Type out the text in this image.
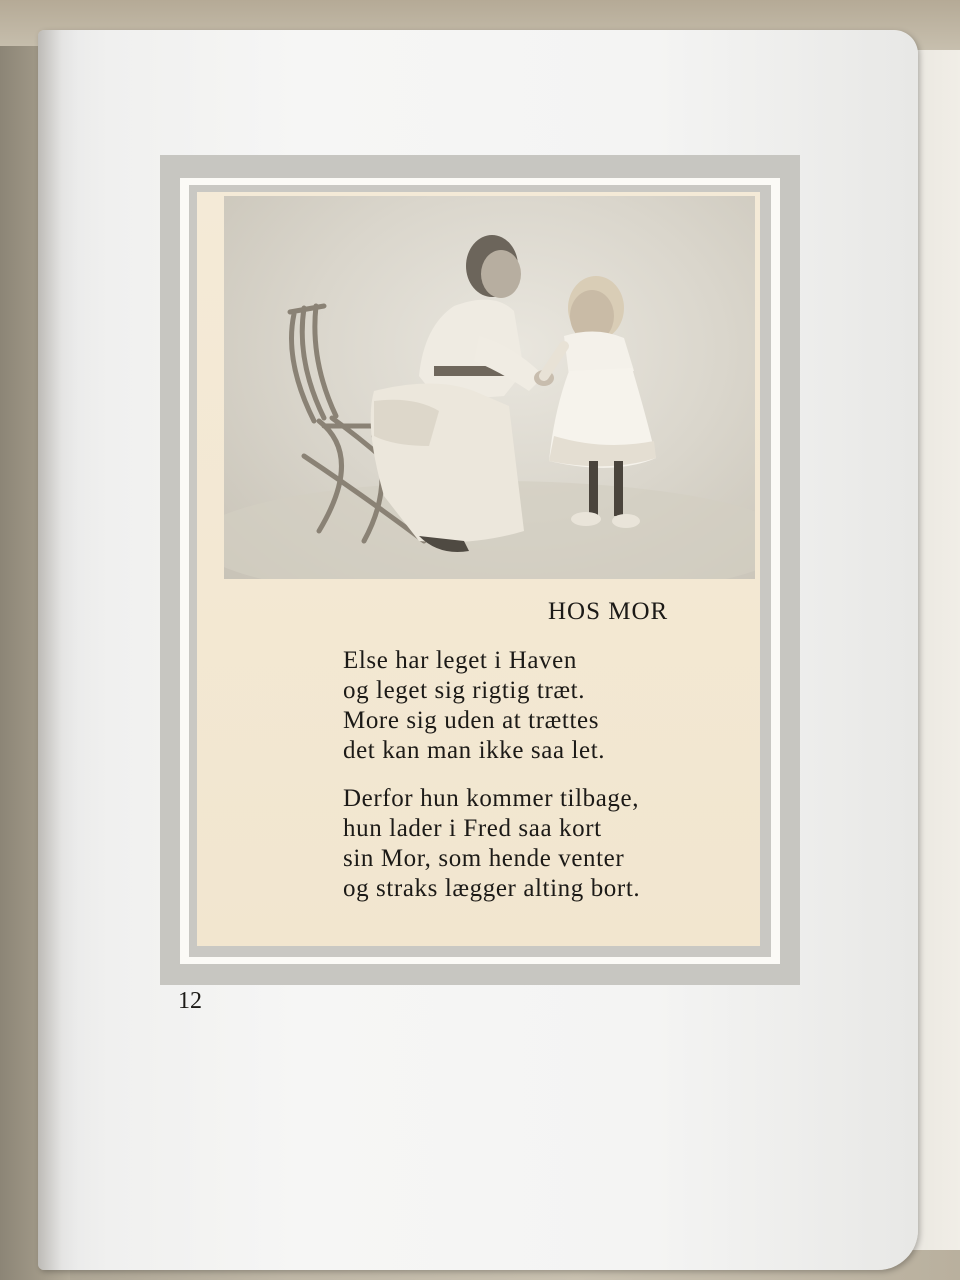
HOS MOR
Else har leget i Haven
og leget sig rigtig træt.
More sig uden at trættes
det kan man ikke saa let.
Derfor hun kommer tilbage,
hun lader i Fred saa kort
sin Mor, som hende venter
og straks lægger alting bort.
12
